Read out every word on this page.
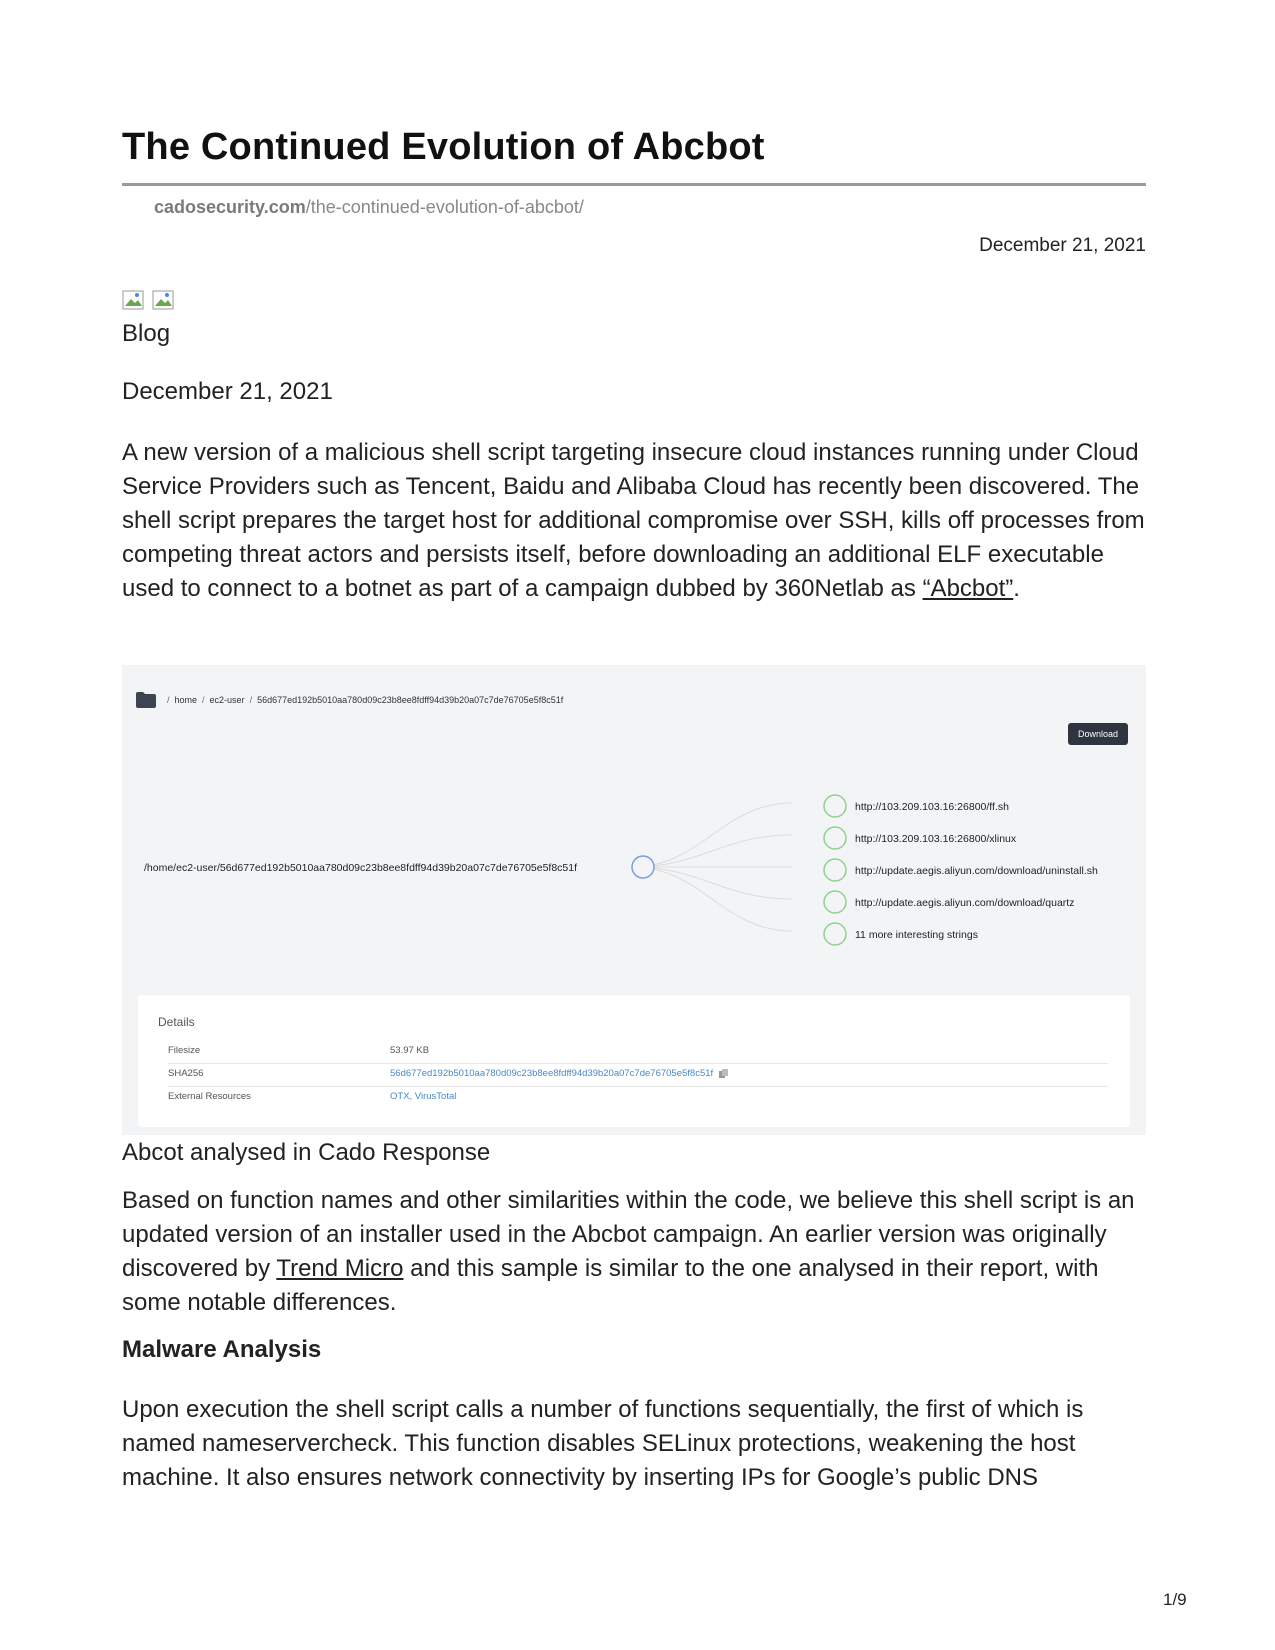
The Continued Evolution of Abcbot
cadosecurity.com/the-continued-evolution-of-abcbot/
December 21, 2021
Blog
December 21, 2021

A new version of a malicious shell script targeting insecure cloud instances running under Cloud Service Providers such as Tencent, Baidu and Alibaba Cloud has recently been discovered. The shell script prepares the target host for additional compromise over SSH, kills off processes from competing threat actors and persists itself, before downloading an additional ELF executable used to connect to a botnet as part of a campaign dubbed by 360Netlab as “Abcbot”.

/ home / ec2-user / 56d677ed192b5010aa780d09c23b8ee8fdff94d39b20a07c7de76705e5f8c51f
Download
/home/ec2-user/56d677ed192b5010aa780d09c23b8ee8fdff94d39b20a07c7de76705e5f8c51f
http://103.209.103.16:26800/ff.sh
http://103.209.103.16:26800/xlinux
http://update.aegis.aliyun.com/download/uninstall.sh
http://update.aegis.aliyun.com/download/quartz
11 more interesting strings
Details
Filesize	53.97 KB
SHA256	56d677ed192b5010aa780d09c23b8ee8fdff94d39b20a07c7de76705e5f8c51f
External Resources	OTX, VirusTotal
Abcot analysed in Cado Response

Based on function names and other similarities within the code, we believe this shell script is an updated version of an installer used in the Abcbot campaign. An earlier version was originally discovered by Trend Micro and this sample is similar to the one analysed in their report, with some notable differences.

Malware Analysis

Upon execution the shell script calls a number of functions sequentially, the first of which is named nameservercheck. This function disables SELinux protections, weakening the host machine. It also ensures network connectivity by inserting IPs for Google’s public DNS

1/9
